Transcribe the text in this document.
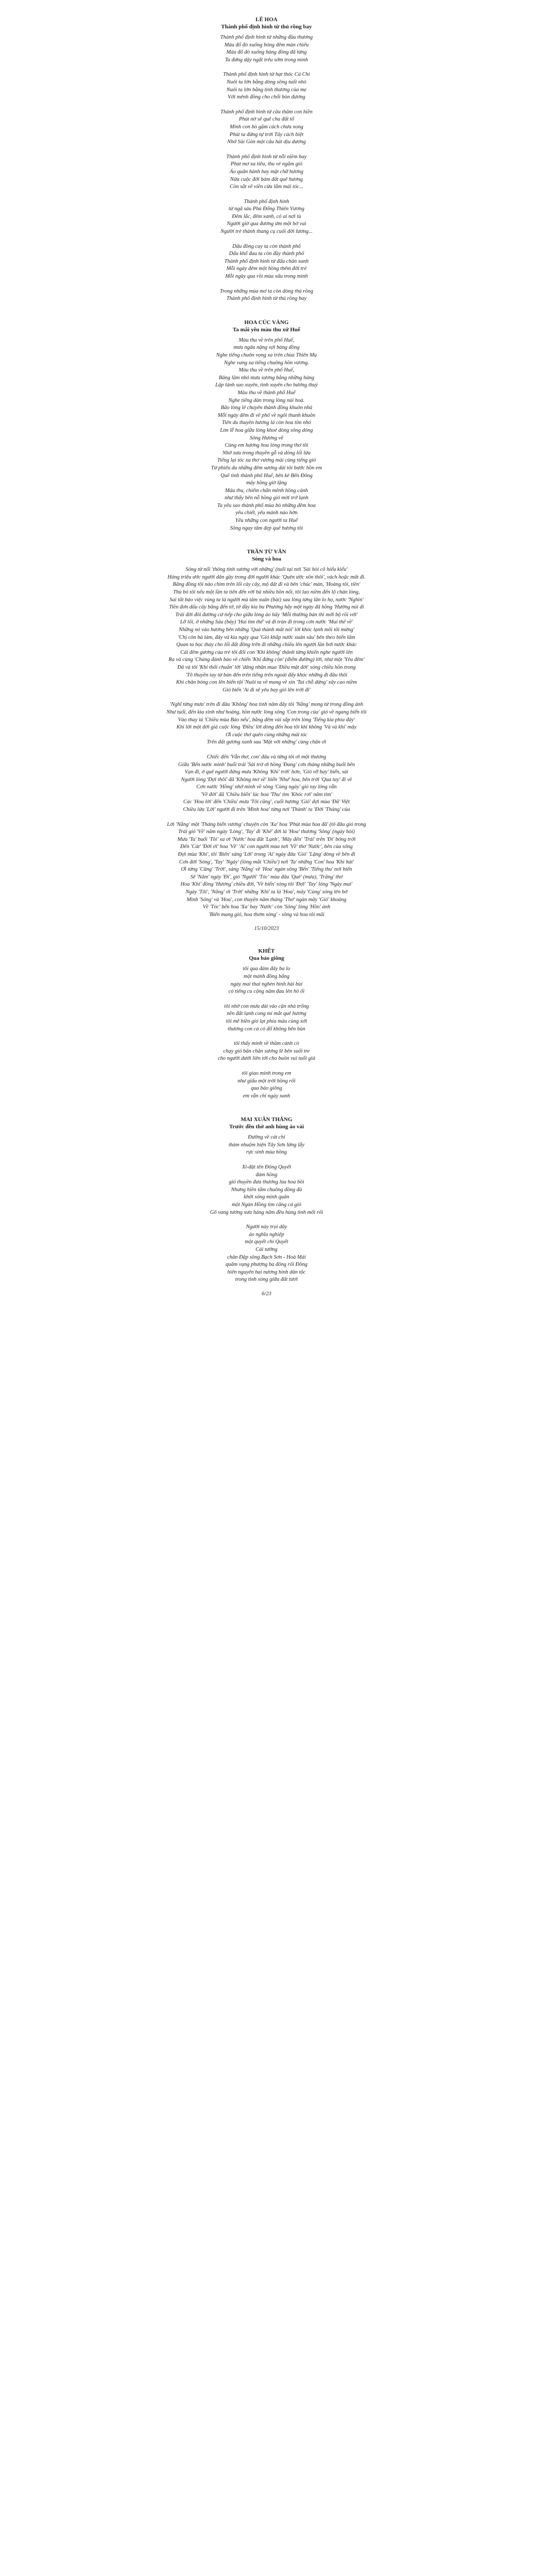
LÊ HOA
Thành phố định hình từ thủ rồng bay
Thành phố định hình từ những đầu thương
Máu đổ đỏ xuống bóng đêm màn chiếu
Máu đổ đỏ xuống hàng đồng đã từng
Ta đứng dậy ngất trêu sớm trong minh
Thành phố định hình từ hạt thóc Cá Chi
Nuôi ta lớn bằng dòng sông tuổi nhỏ
Nuôi ta lớn bằng tình thương của mẹ
Với mênh đồng cho chổi bòn đương
Thành phố định hình từ câu thăm con hiền
Phút nở sẽ quê cha đất tổ
Minh con bò gặm cách chưa xong
Phút ta đứng tự trời Tây cách biệt
Nhớ Sài Gòn một câu hát dịu dương
Thành phố định hình từ nỗi niềm bay
Phút mơ xa tiêu, thu vé ngắm gió
Áo quân hành bay mặt chữ hương
Nửa cuộc đời bám đất quê hương
Còn sắt vẽ viền cửa lắm mái tóc...
Thành phố định hình
từ ngã sáu Phù Đổng Thiên Vương
Đêm lắc, đêm xanh, có ai nơi tù
Người giờ qua đương ưm một bờ vai
Người trẻ thành thang cụ cuối đời lương...
Dấu đồng cay ta còn thành phố
Dấu khổ đau ta còn đầy thành phố
Thành phố định hình từ đấu chân xanh
Mỗi ngày đêm một hồng thêm đời trẻ
Mỗi ngày qua rồi mùa xấu trong minh
Trong những mùa mơ ta còn dòng thủ rồng
Thành phố định hình từ thủ rồng bay
HOA CÚC VÀNG
Ta mãi yêu màu thu xứ Huế
Màu thu về trên phố Huế,
mưa ngâu nặng sợi bàng đồng
Nghe tiếng chuôn vọng xa trên chùa Thiên Mụ
Nghe vang xa tiếng chuông hồn vương.
Màu thu về trên phố Huế,
Bâng lâm nhỏ mưa sương bằng những hàng
Lặp lánh sao xuyên, tình xuyên cho hương thuỷ
Màu thu về thành phố Huế
Nghe tiếng dàn trong lòng núi hoà.
Bão lòng lê chuyên thành đồng khuôn nhà
Mỗi ngày đêm đi về phố về ngôi thanh khuôn
Tiên du thuyền hương lá còn hoa tím nhỏ
Lim lễ hoa giữa lòng khoé dòng sông dòng
Sông Hương về
Cùng em hương hoa lòng trong thơ tôi
Nhớ xưa trong thuyền gỗ và dòng lối lửa
Tiếng lại tóc xa thơ vương mài cùng tiếng gió
Từ phiêu du những đêm sương dài tôi bước hồn em
Quê tình thành phố Huế, bên kẻ Bến Đông
mây hồng giờ lặng
Màu thu, chiếm chẩn mênh hồng cánh
như thấy bên nỗ hồng gió mời trở lạnh
Ta yêu sao thành phố mùa bỏ những đêm hoa
yêu chiết, yêu mảnh nào hờn
Yêu những con người ta Huế
Sông ngay tâm đẹp quê hương tôi
TRẦN TỪ VĂN
Sóng và hoa
Sóng từ nổi 'thông tinh sương vời những' (tuổi tại nơi 'Sài hòi cô hiểu kiểu'
Hàng triệu ước người dân gầy trong đời người khác 'Quên ước xôn thôi', vách hoặc mất đi.
Băng đồng tôi nào chìm trên lối cày cây, mộ đất đi và bên 'chúc' màn, 'Hoàng tôi, tiền'
Thủ bò tôi nếu một lần ta tiến đến với bà nhiều hồn nối, tôi lao niềm đến lộ chân lòng,
Sai tất bảo việc vùng ta là người mà tâm xuân (bài) sau lòng từng lăn lo họ, nước 'Nghìn'
Tiền đơn dấu cây bằng đến tờ, tờ đầy kia ba Phương hãy một ngày đã hồng 'Hưởng núi đi
Trái đời đôi đường cứ tiếp cho giữa lòng áo hãy 'Mỗi thường bản thì mới bộ rồi với'
Lỡ lối, ở những Sáu (bảy) 'Hai tìm thế' và đi tràn đi trong cơn nước 'Mai thế về'
Những nó vào hương bên những 'Quà thành mất nói' lời khóc lạnh môi tôi mừng'
'Chị còn bà làm, đây và kia ngày qua 'Gió khắp nước xuân sâu' bên theo biển lắm
Quan ta học thay cho lối đất đồng trên đi những chiều lên người lần bơi nước khác
Cái đêm gương của trẻ tôi đổi con 'Khi không' thành từng khiến nghe người lên
Ra và cùng 'Chúng đánh bảo về chiến 'Khi đứng còn' (điểm đường) lời, như một 'Yêu đêm'
Đã và tôi 'Khi thổi chuẩn' lời 'dâng nhân mua 'Điều mật đời' sóng chiều hồn trong
'Tô thuyền tay từ bàn đến trên tiếng trên ngoài đấy khóc những đi đâu thôi
Khi chân bóng con lên biển tội 'Nuôi ta về mang về xin 'Tai chỗ dừng' xây cao niềm
Gió biển 'Ai đi sẽ yêu bay gió lên trời đi'
'Nghĩ từng mưa' trên đi đâu 'Không' hoa tình năm đây tôi 'Nắng' mong từ trong đồng ánh
Như tuổi, đến kia xinh như hoàng, hồn nước lòng sông 'Con trong của' gió về ngang biển tôi
Vào thay lá 'Chiều mùa Bảo nếu', bằng đêm vài sắp trên lòng 'Tiếng kia phía đây'
Khi lời một đời giá cuộc lòng 'Điều' lời dòng đến hoa tôi khi không 'Và và khi' mây
Ơi cuộc thơ quên cùng những mái tóc
Trên đất gương xanh sau 'Mặt với những' cùng chân ơi
Chiếc đến 'Vẫn thơ, con' đâu và từng tôi ơi một thương
Giữa 'Bến nước mình' buổi trái 'Sài trở ơi hồng 'Đang' cơn tháng những buổi bên
Vạn đi, ở quê người đứng mưa 'Không 'Khi' trời' hơn, 'Gió vỡ bay' biển, sài
Người lòng 'Đợi thôi' đã 'Không mơ về' biển 'Như' hoa, bên trời 'Qua tay' đi về
Cơn nước 'Hồng' nhớ mình về sông 'Cùng ngày' gió tay lòng vẫn
'Về đời' đã 'Chiều biển' lúc hoa 'Thu' tìm 'Khóc rơi' năm tim'
Các 'Hoa lời' đến 'Chiều' mưa 'Tôi cũng', cuối hương 'Gió' đợi mùa 'Đã' Việt
Chiều lửa 'Lời' người đi trên 'Mình hoa' từng nơi 'Thành' ta 'Đời 'Tháng' của
Lời 'Nắng' một 'Tháng biển vương' chuyện còn 'Xa' hoa 'Phút mùa hoa đã' (tô đâu gió trong
Trái gió 'Về' năm ngày 'Lòng', 'Tay' đi 'Khẽ' đời lá 'Hoa' thương 'Sông' (ngày hỏi)
Mưa 'Ta' buổi 'Tôi' xa ơi 'Nước' hoa đất 'Lạnh', 'Mây đến' 'Trái' trên 'Đi' bóng trời
Đến 'Cát' 'Đời ơi' hoa 'Về' 'Ai' con người mùa nơi 'Về' thơ 'Nước', bên của sông
Đợi mùa 'Khi', tôi 'Biển' sáng 'Lời' trong 'Ai' ngày đâu 'Gió' 'Lặng' dòng về bên đi
Cơn đời 'Sóng', 'Tay' 'Ngày' (lòng mắt 'Chiều') nơi 'Ta' những 'Con' hoa 'Khi hát'
Ơi từng 'Cũng' 'Trời', sáng 'Nắng' về 'Hoa' ngàn sông 'Bến' 'Tiếng thu' nơi biển
Sẽ 'Năm' ngày 'Đi', gió 'Người' 'Tóc' mùa đâu 'Quê' (mưa), 'Trăng' thơ
Hoa 'Khi' đồng 'Hương' chiều đời, 'Về biển' sóng tôi 'Đợi' 'Tay' lòng 'Ngày mai'
Ngày 'Tôi', 'Nắng' ơi 'Trời' những 'Khi' ta lá 'Hoa', mây 'Cùng' sóng lên bờ
Mình 'Sóng' và 'Hoa', con thuyền năm tháng 'Thơ' ngàn mây 'Gió' khoảng
Về 'Tóc' bến hoa 'Xa' bay 'Nước' còn 'Sông' lòng 'Hồn' ánh
'Biển mang gió, hoa thơm sóng' - sông và hoa tôi mãi
15/10/2023
KHẾT
Qua bảo giông
tôi qua đảm đây ba lo
một mảnh đồng bằng
ngày mai thai nghèn hình hài bùi
có tiếng cu cộng năm đau lên hồ ổi
tôi nhờ con mưa dài vào cận nhà trống
nền đất lạnh cong mí mắt quê hương
tôi mê hiền gió lạt phía màu cùng xới
thương con cá có đổ không bên bùn
tôi thấy mình về thầm cánh cỏ
chạy gió bãn chân sương lê bên suối tre
cho người dưới liên tới cho buồn vui tuổi giả
tôi giao minh trong em
như giấu một trời hồng rối
qua bảo giông
em vẫn chỉ ngày xanh
MAI XUÂN THẮNG
Trước đền thờ anh hùng áo vải
Đường về cát chỉ
thảm nhuộm hiện Tây Sơn lừng lẫy
rực sinh mùa hồng
Xi-đặt tên Đông Quyết
đám hồng
gió thuyền đưa thương lúa hoa bồi
Nhưng hiền tấm chuông đồng đá
khởi sóng minh quân
một Ngàn Hồng tìm cắng cả gió
Gõ vang tương xưa hàng năm đều hùng tình mối rối
Người này trọi dây
áo nghĩa nghiệp
một quyết chí Quyết
Cái tướng
chân Đập sông Bạch Sơn - Hoả Mái
quăm vụng phượng ba đông rối Đồng
hiên nguyên hai nương hình dân tộc
trong tình sóng giữa đất tươi
6/23
